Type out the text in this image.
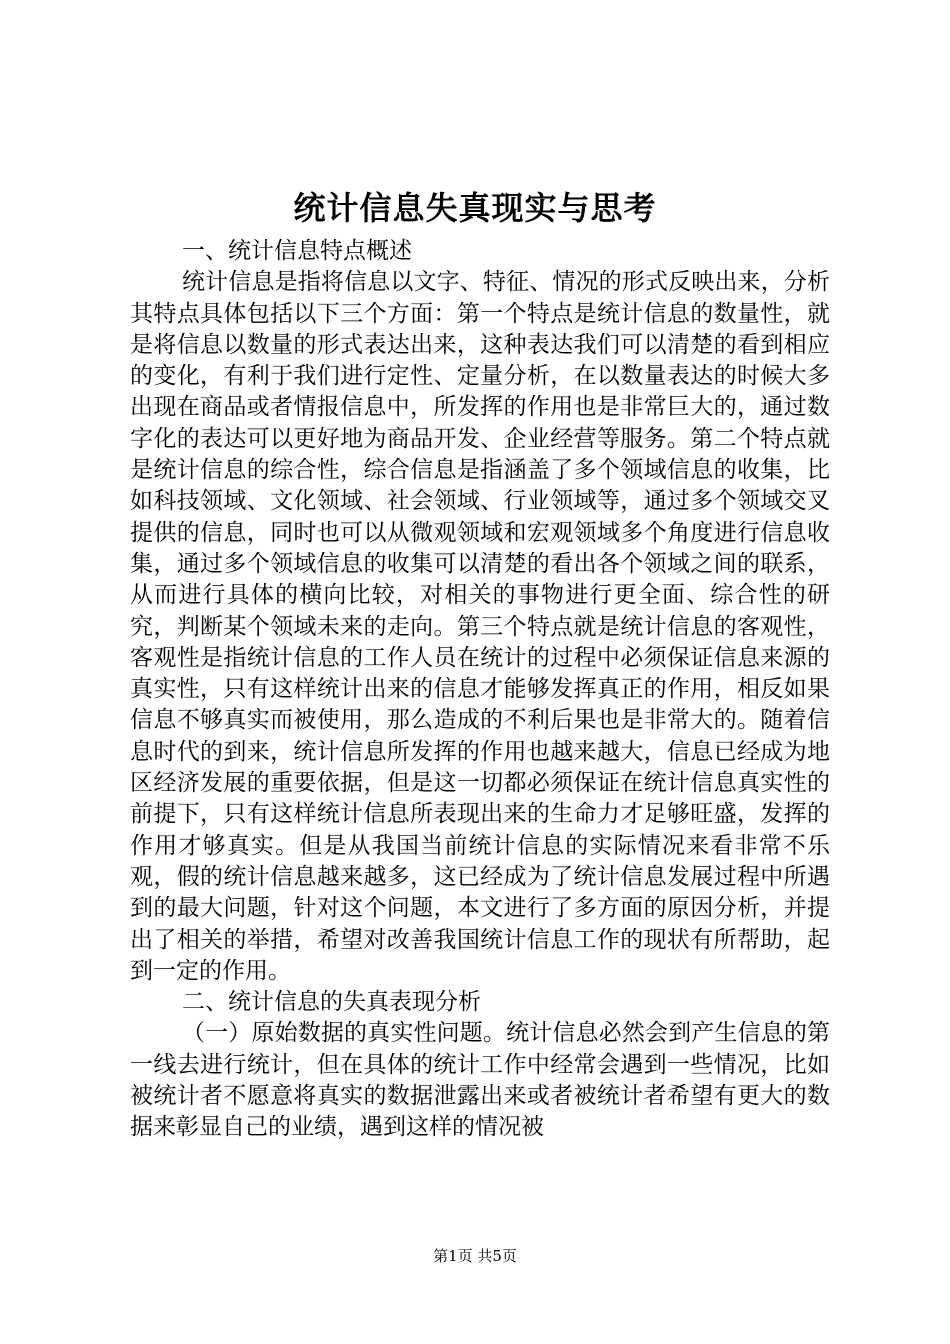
统计信息失真现实与思考

一、统计信息特点概述

统计信息是指将信息以文字、特征、情况的形式反映出来，分析其特点具体包括以下三个方面：第一个特点是统计信息的数量性，就是将信息以数量的形式表达出来，这种表达我们可以清楚的看到相应的变化，有利于我们进行定性、定量分析，在以数量表达的时候大多出现在商品或者情报信息中，所发挥的作用也是非常巨大的，通过数字化的表达可以更好地为商品开发、企业经营等服务。第二个特点就是统计信息的综合性，综合信息是指涵盖了多个领域信息的收集，比如科技领域、文化领域、社会领域、行业领域等，通过多个领域交叉提供的信息，同时也可以从微观领域和宏观领域多个角度进行信息收集，通过多个领域信息的收集可以清楚的看出各个领域之间的联系，从而进行具体的横向比较，对相关的事物进行更全面、综合性的研究，判断某个领域未来的走向。第三个特点就是统计信息的客观性，客观性是指统计信息的工作人员在统计的过程中必须保证信息来源的真实性，只有这样统计出来的信息才能够发挥真正的作用，相反如果信息不够真实而被使用，那么造成的不利后果也是非常大的。随着信息时代的到来，统计信息所发挥的作用也越来越大，信息已经成为地区经济发展的重要依据，但是这一切都必须保证在统计信息真实性的前提下，只有这样统计信息所表现出来的生命力才足够旺盛，发挥的作用才够真实。但是从我国当前统计信息的实际情况来看非常不乐观，假的统计信息越来越多，这已经成为了统计信息发展过程中所遇到的最大问题，针对这个问题，本文进行了多方面的原因分析，并提出了相关的举措，希望对改善我国统计信息工作的现状有所帮助，起到一定的作用。

二、统计信息的失真表现分析

（一）原始数据的真实性问题。统计信息必然会到产生信息的第一线去进行统计，但在具体的统计工作中经常会遇到一些情况，比如被统计者不愿意将真实的数据泄露出来或者被统计者希望有更大的数据来彰显自己的业绩，遇到这样的情况被

第1页 共5页
